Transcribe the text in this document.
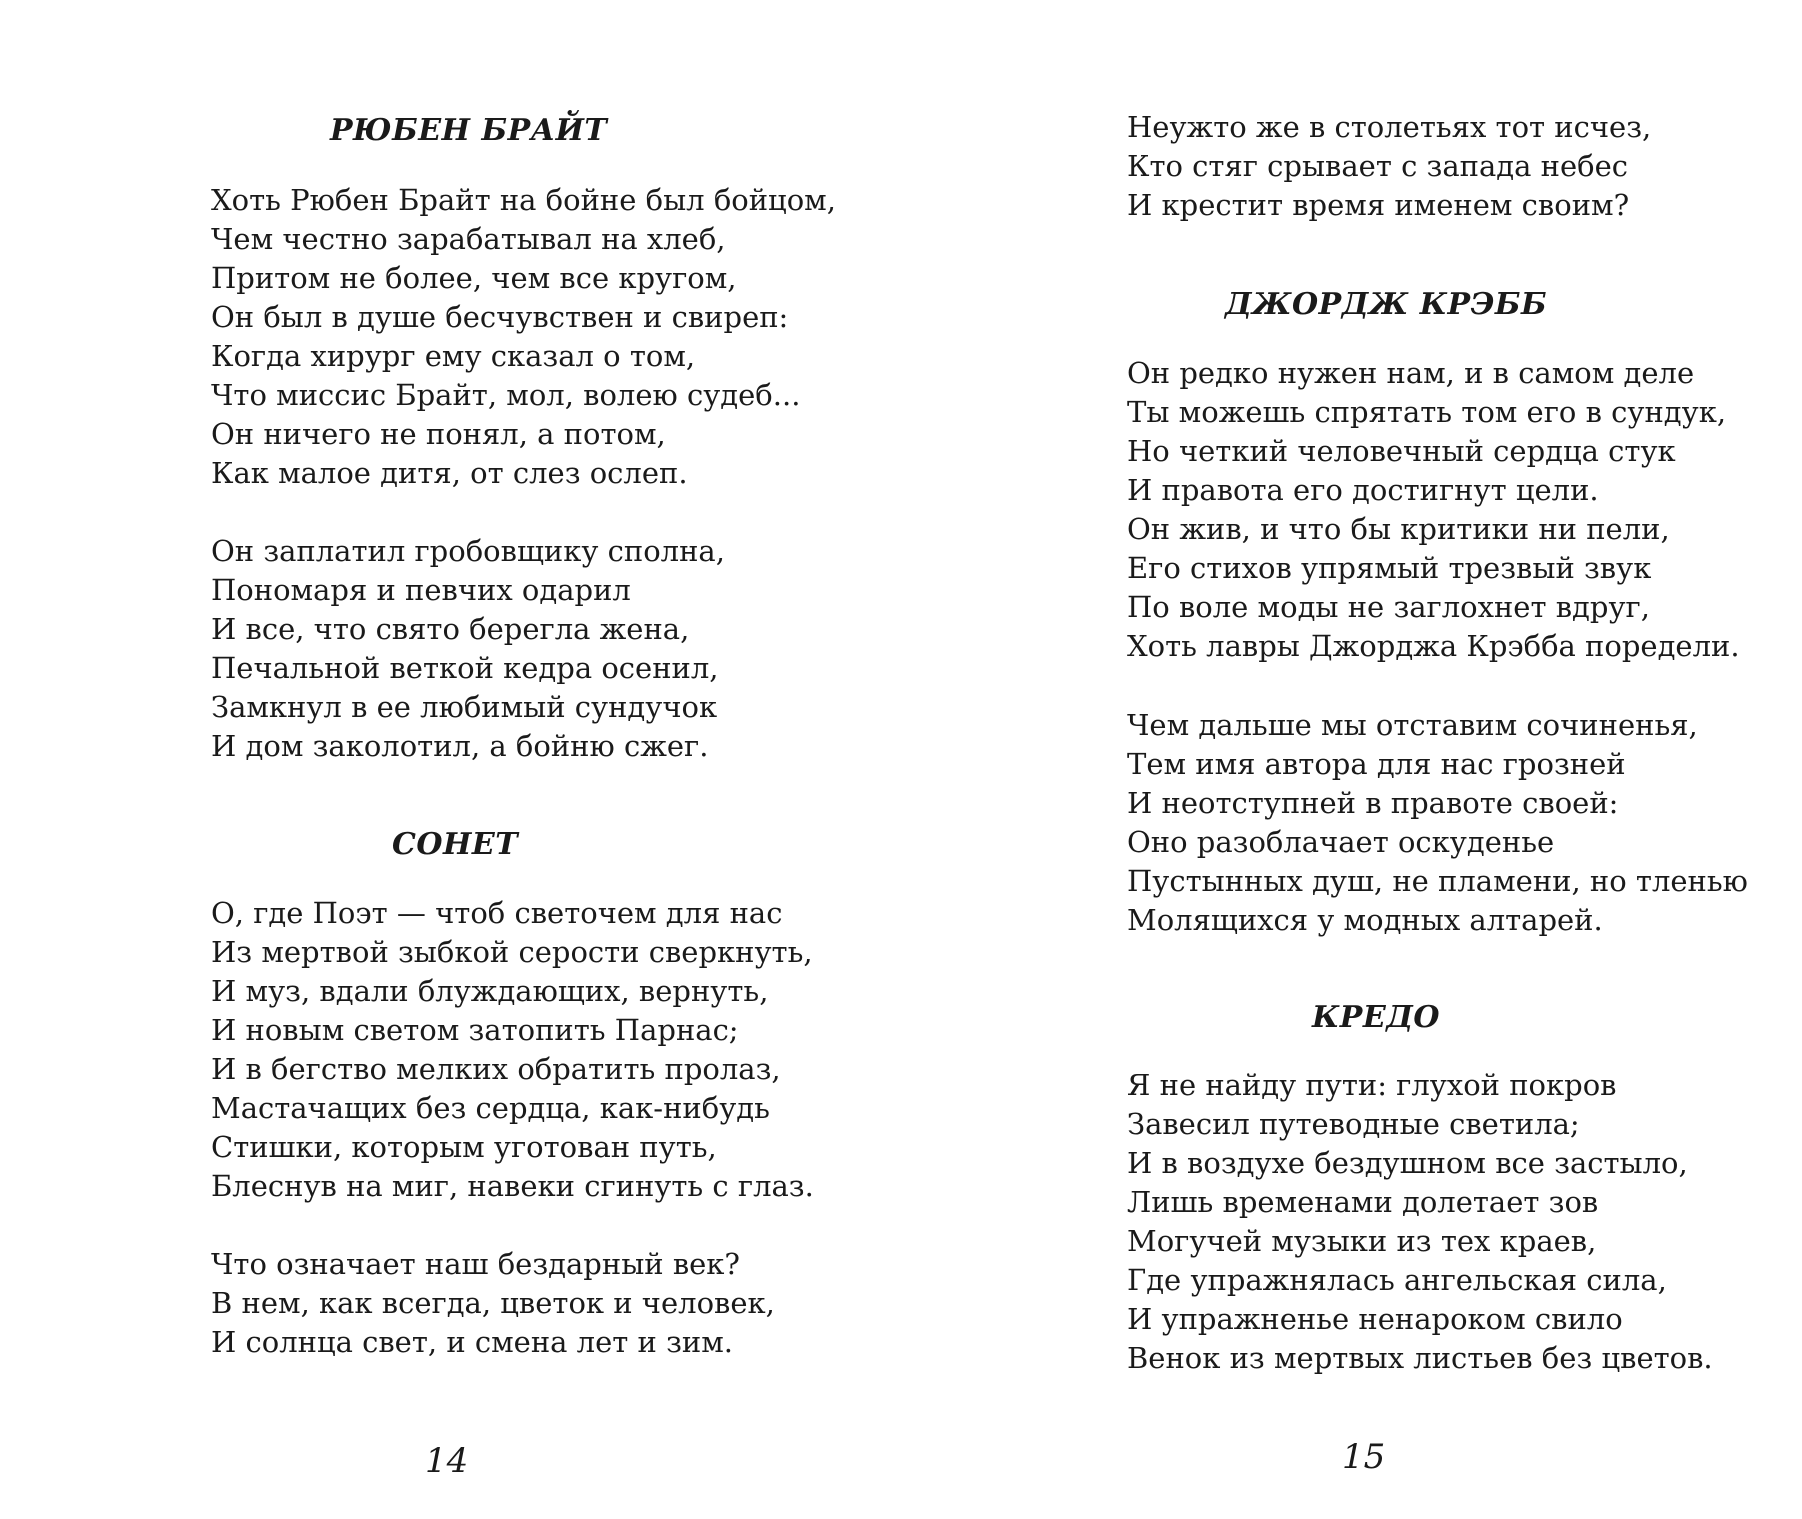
РЮБЕН БРАЙТ
Хоть Рюбен Брайт на бойне был бойцом,
Чем честно зарабатывал на хлеб,
Притом не более, чем все кругом,
Он был в душе бесчувствен и свиреп:
Когда хирург ему сказал о том,
Что миссис Брайт, мол, волею судеб...
Он ничего не понял, а потом,
Как малое дитя, от слез ослеп.
Он заплатил гробовщику сполна,
Пономаря и певчих одарил
И все, что свято берегла жена,
Печальной веткой кедра осенил,
Замкнул в ее любимый сундучок
И дом заколотил, а бойню сжег.
СОНЕТ
О, где Поэт — чтоб светочем для нас
Из мертвой зыбкой серости сверкнуть,
И муз, вдали блуждающих, вернуть,
И новым светом затопить Парнас;
И в бегство мелких обратить пролаз,
Мастачащих без сердца, как-нибудь
Стишки, которым уготован путь,
Блеснув на миг, навеки сгинуть с глаз.
Что означает наш бездарный век?
В нем, как всегда, цветок и человек,
И солнца свет, и смена лет и зим.
14
Неужто же в столетьях тот исчез,
Кто стяг срывает с запада небес
И крестит время именем своим?
ДЖОРДЖ КРЭББ
Он редко нужен нам, и в самом деле
Ты можешь спрятать том его в сундук,
Но четкий человечный сердца стук
И правота его достигнут цели.
Он жив, и что бы критики ни пели,
Его стихов упрямый трезвый звук
По воле моды не заглохнет вдруг,
Хоть лавры Джорджа Крэбба поредели.
Чем дальше мы отставим сочиненья,
Тем имя автора для нас грозней
И неотступней в правоте своей:
Оно разоблачает оскуденье
Пустынных душ, не пламени, но тленью
Молящихся у модных алтарей.
КРЕДО
Я не найду пути: глухой покров
Завесил путеводные светила;
И в воздухе бездушном все застыло,
Лишь временами долетает зов
Могучей музыки из тех краев,
Где упражнялась ангельская сила,
И упражненье ненароком свило
Венок из мертвых листьев без цветов.
15
